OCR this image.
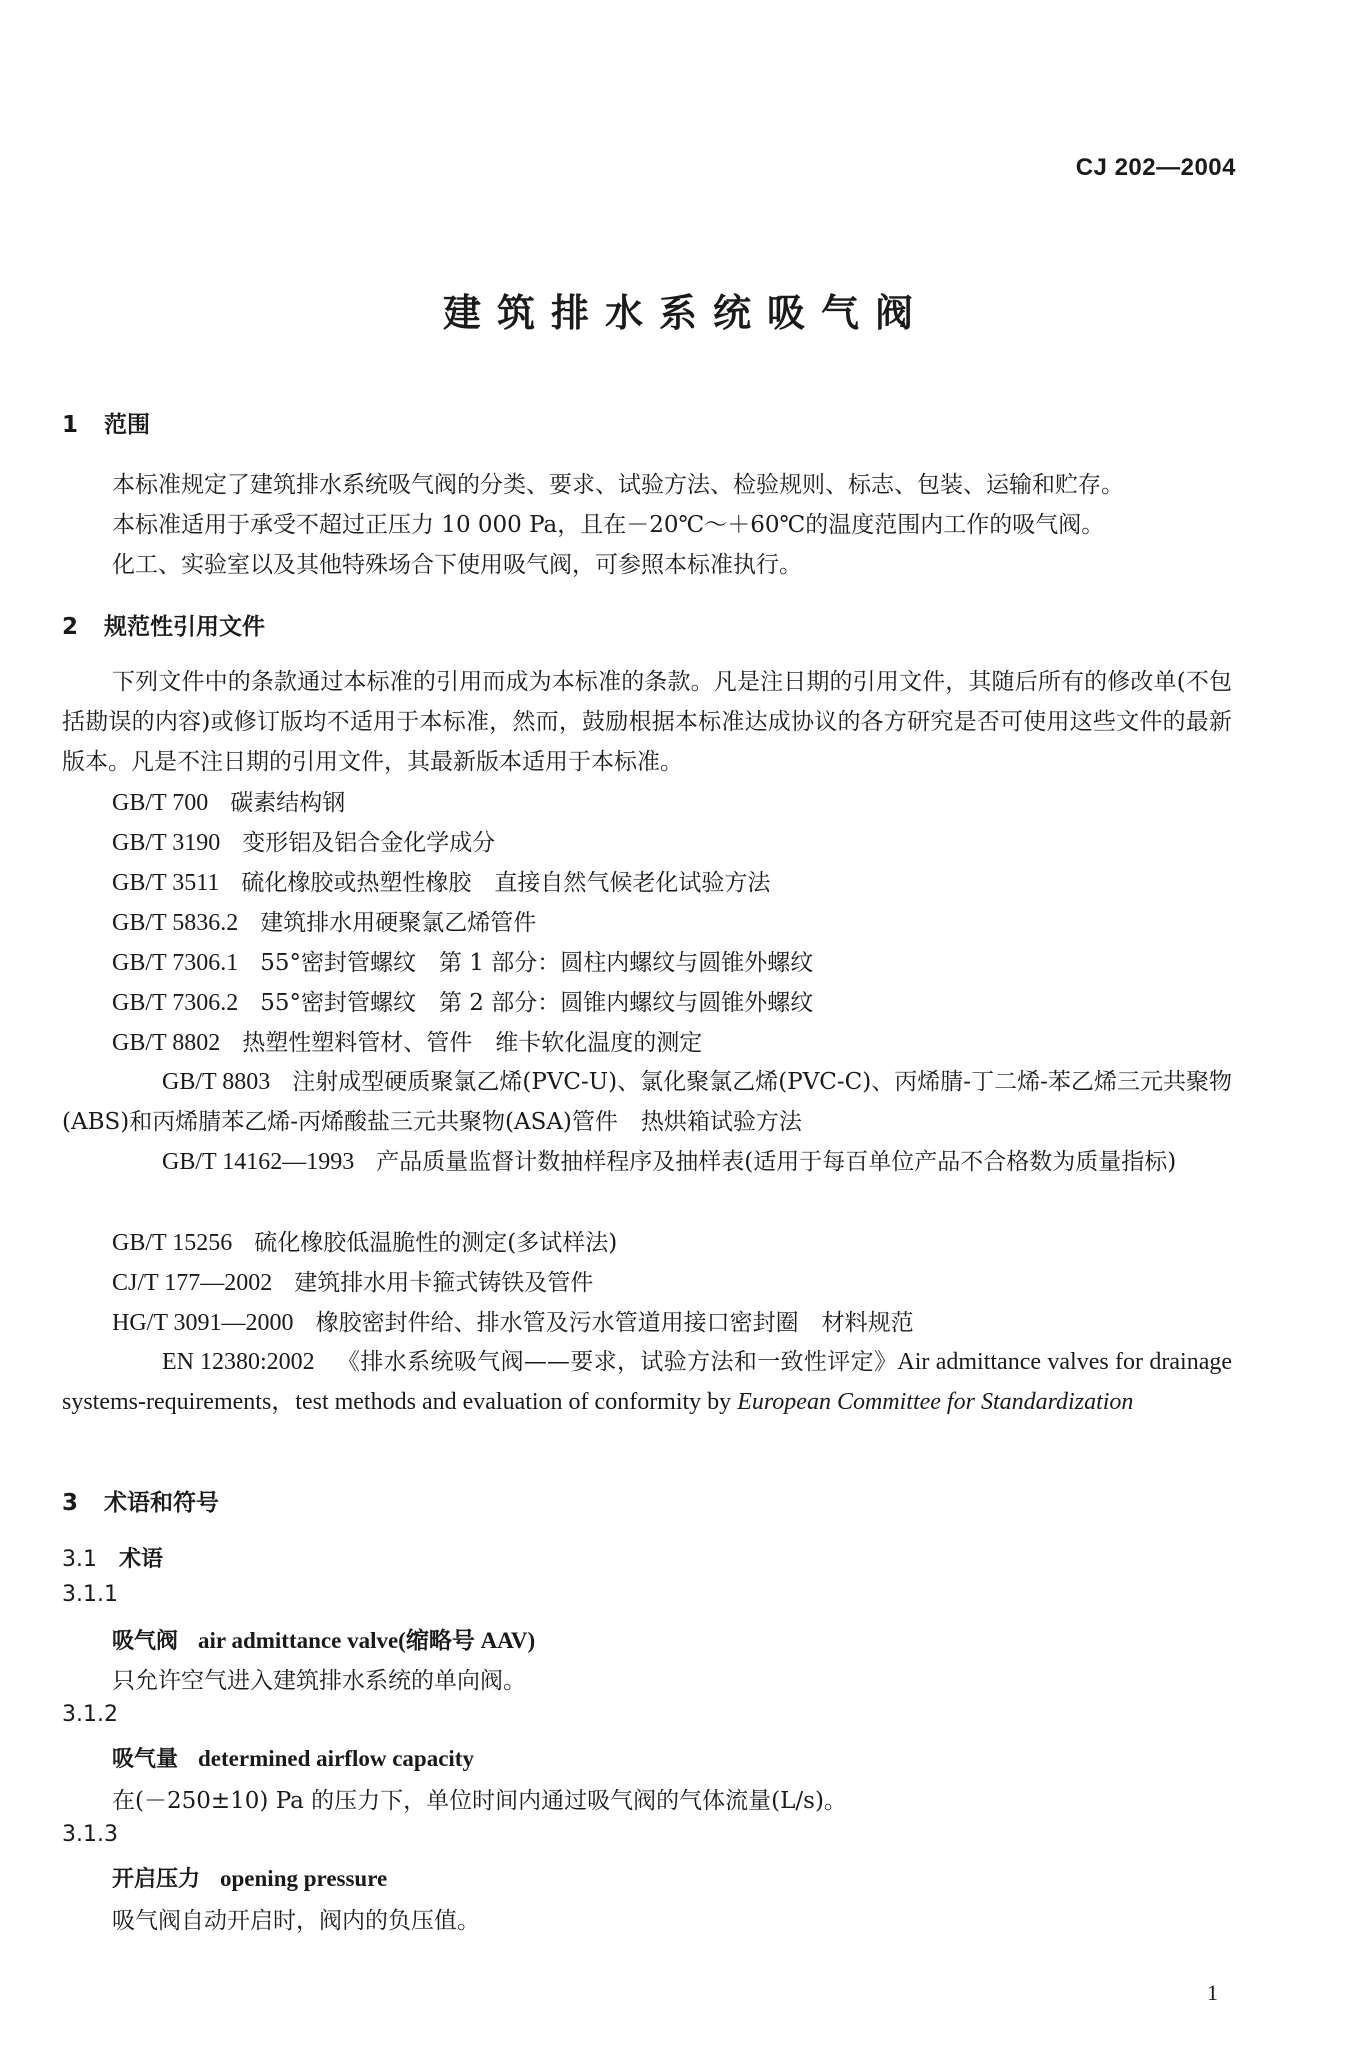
CJ 202—2004
建筑排水系统吸气阀
1 范围
本标准规定了建筑排水系统吸气阀的分类、要求、试验方法、检验规则、标志、包装、运输和贮存。
本标准适用于承受不超过正压力 10 000 Pa，且在－20℃～＋60℃的温度范围内工作的吸气阀。
化工、实验室以及其他特殊场合下使用吸气阀，可参照本标准执行。
2 规范性引用文件
下列文件中的条款通过本标准的引用而成为本标准的条款。凡是注日期的引用文件，其随后所有的修改单(不包括勘误的内容)或修订版均不适用于本标准，然而，鼓励根据本标准达成协议的各方研究是否可使用这些文件的最新版本。凡是不注日期的引用文件，其最新版本适用于本标准。
GB/T 700 碳素结构钢
GB/T 3190 变形铝及铝合金化学成分
GB/T 3511 硫化橡胶或热塑性橡胶　直接自然气候老化试验方法
GB/T 5836.2 建筑排水用硬聚氯乙烯管件
GB/T 7306.1 55°密封管螺纹　第 1 部分：圆柱内螺纹与圆锥外螺纹
GB/T 7306.2 55°密封管螺纹　第 2 部分：圆锥内螺纹与圆锥外螺纹
GB/T 8802 热塑性塑料管材、管件　维卡软化温度的测定
GB/T 8803 注射成型硬质聚氯乙烯(PVC-U)、氯化聚氯乙烯(PVC-C)、丙烯腈-丁二烯-苯乙烯三元共聚物(ABS)和丙烯腈苯乙烯-丙烯酸盐三元共聚物(ASA)管件　热烘箱试验方法
GB/T 14162—1993 产品质量监督计数抽样程序及抽样表(适用于每百单位产品不合格数为质量指标)
GB/T 15256 硫化橡胶低温脆性的测定(多试样法)
CJ/T 177—2002 建筑排水用卡箍式铸铁及管件
HG/T 3091—2000 橡胶密封件给、排水管及污水管道用接口密封圈　材料规范
EN 12380:2002 《排水系统吸气阀——要求，试验方法和一致性评定》Air admittance valves for drainage systems-requirements，test methods and evaluation of conformity by European Committee for Standardization
3 术语和符号
3.1 术语
3.1.1
吸气阀 air admittance valve(缩略号 AAV)
只允许空气进入建筑排水系统的单向阀。
3.1.2
吸气量 determined airflow capacity
在(－250±10) Pa 的压力下，单位时间内通过吸气阀的气体流量(L/s)。
3.1.3
开启压力 opening pressure
吸气阀自动开启时，阀内的负压值。
1
